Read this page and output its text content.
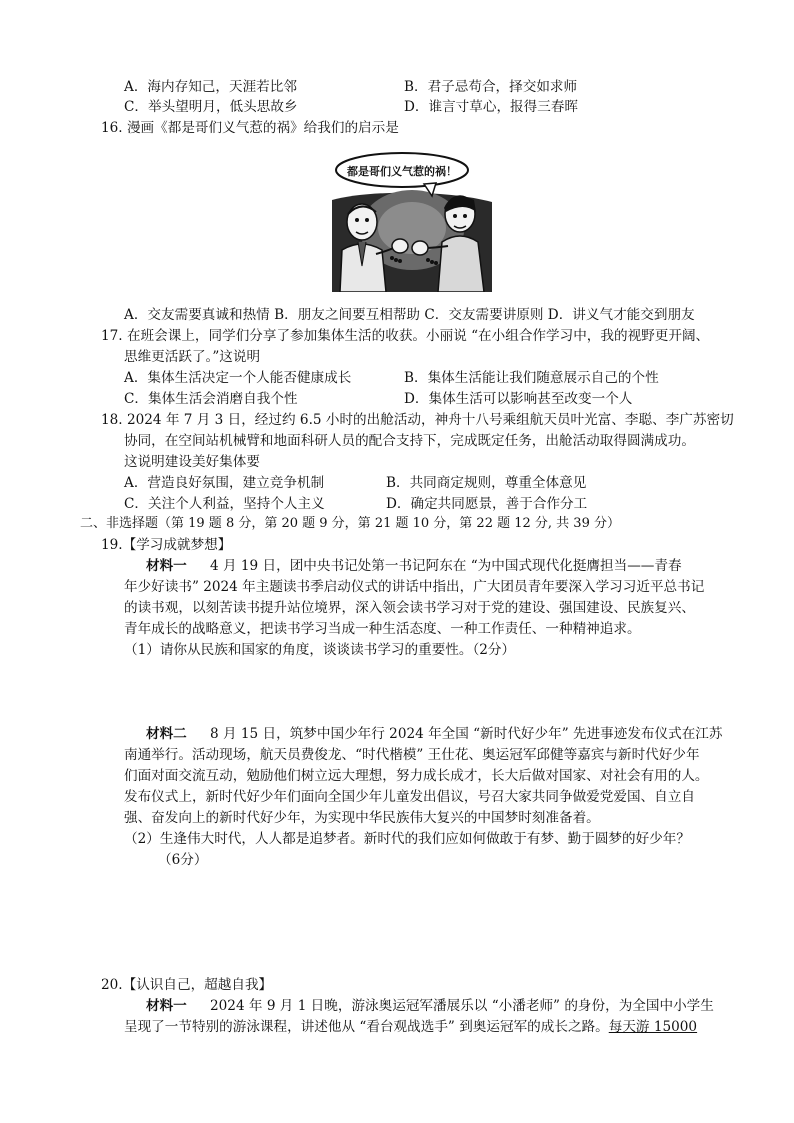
A．海内存知己，天涯若比邻	B．君子忌苟合，择交如求师
C．举头望明月，低头思故乡	D．谁言寸草心，报得三春晖
16. 漫画《都是哥们义气惹的祸》给我们的启示是
都是哥们义气惹的祸！
A．交友需要真诚和热情 B．朋友之间要互相帮助 C．交友需要讲原则 D．讲义气才能交到朋友
17. 在班会课上，同学们分享了参加集体生活的收获。小丽说 “在小组合作学习中，我的视野更开阔、
思维更活跃了。”这说明
A．集体生活决定一个人能否健康成长	B．集体生活能让我们随意展示自己的个性
C．集体生活会消磨自我个性	D．集体生活可以影响甚至改变一个人
18. 2024 年 7 月 3 日，经过约 6.5 小时的出舱活动，神舟十八号乘组航天员叶光富、李聪、李广苏密切
协同，在空间站机械臂和地面科研人员的配合支持下，完成既定任务，出舱活动取得圆满成功。
这说明建设美好集体要
A．营造良好氛围，建立竞争机制	B．共同商定规则，尊重全体意见
C．关注个人利益，坚持个人主义	D．确定共同愿景，善于合作分工
二、非选择题（第 19 题 8 分，第 20 题 9 分，第 21 题 10 分，第 22 题 12 分, 共 39 分）
19.【学习成就梦想】
材料一 4 月 19 日，团中央书记处第一书记阿东在 “为中国式现代化挺膺担当——青春
年少好读书” 2024 年主题读书季启动仪式的讲话中指出，广大团员青年要深入学习习近平总书记
的读书观，以刻苦读书提升站位境界，深入领会读书学习对于党的建设、强国建设、民族复兴、
青年成长的战略意义，把读书学习当成一种生活态度、一种工作责任、一种精神追求。
（1）请你从民族和国家的角度，谈谈读书学习的重要性。（2分）
材料二 8 月 15 日，筑梦中国少年行 2024 年全国 “新时代好少年” 先进事迹发布仪式在江苏
南通举行。活动现场，航天员费俊龙、“时代楷模” 王仕花、奥运冠军邱健等嘉宾与新时代好少年
们面对面交流互动，勉励他们树立远大理想，努力成长成才，长大后做对国家、对社会有用的人。
发布仪式上，新时代好少年们面向全国少年儿童发出倡议，号召大家共同争做爱党爱国、自立自
强、奋发向上的新时代好少年，为实现中华民族伟大复兴的中国梦时刻准备着。
（2）生逢伟大时代，人人都是追梦者。新时代的我们应如何做敢于有梦、勤于圆梦的好少年？
（6分）
20.【认识自己，超越自我】
材料一 2024 年 9 月 1 日晚，游泳奥运冠军潘展乐以 “小潘老师” 的身份，为全国中小学生
呈现了一节特别的游泳课程，讲述他从 “看台观战选手” 到奥运冠军的成长之路。每天游 15000
